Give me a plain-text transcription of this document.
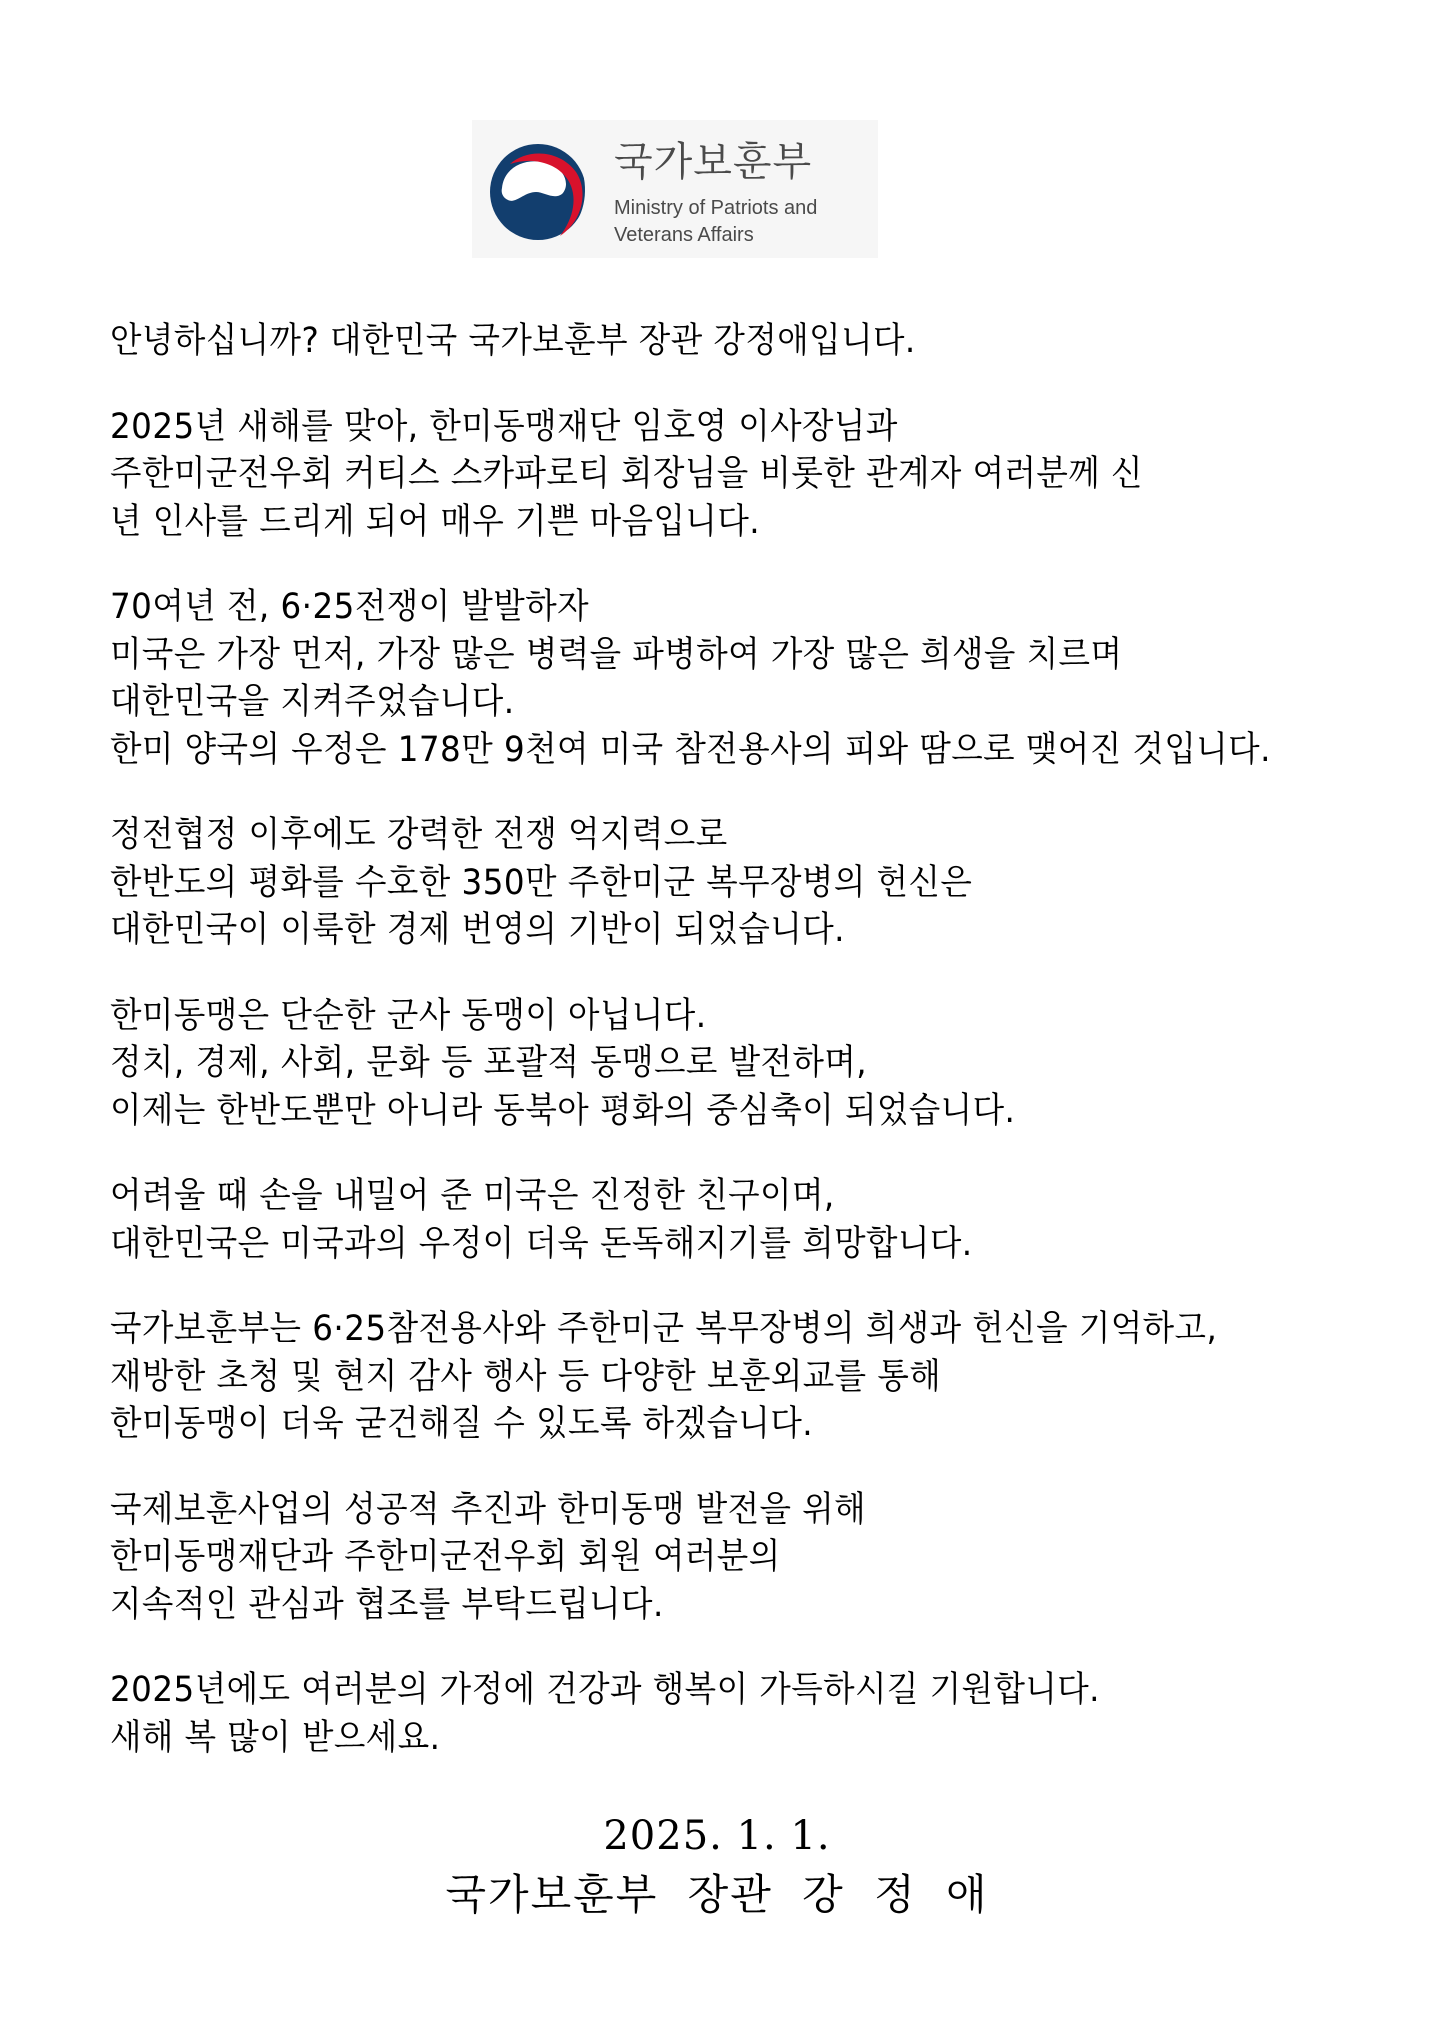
국가보훈부
Ministry of Patriots and
Veterans Affairs

안녕하십니까? 대한민국 국가보훈부 장관 강정애입니다.

2025년 새해를 맞아, 한미동맹재단 임호영 이사장님과
주한미군전우회 커티스 스카파로티 회장님을 비롯한 관계자 여러분께 신
년 인사를 드리게 되어 매우 기쁜 마음입니다.

70여년 전, 6·25전쟁이 발발하자
미국은 가장 먼저, 가장 많은 병력을 파병하여 가장 많은 희생을 치르며
대한민국을 지켜주었습니다.
한미 양국의 우정은 178만 9천여 미국 참전용사의 피와 땀으로 맺어진 것입니다.

정전협정 이후에도 강력한 전쟁 억지력으로
한반도의 평화를 수호한 350만 주한미군 복무장병의 헌신은
대한민국이 이룩한 경제 번영의 기반이 되었습니다.

한미동맹은 단순한 군사 동맹이 아닙니다.
정치, 경제, 사회, 문화 등 포괄적 동맹으로 발전하며,
이제는 한반도뿐만 아니라 동북아 평화의 중심축이 되었습니다.

어려울 때 손을 내밀어 준 미국은 진정한 친구이며,
대한민국은 미국과의 우정이 더욱 돈독해지기를 희망합니다.

국가보훈부는 6·25참전용사와 주한미군 복무장병의 희생과 헌신을 기억하고,
재방한 초청 및 현지 감사 행사 등 다양한 보훈외교를 통해
한미동맹이 더욱 굳건해질 수 있도록 하겠습니다.

국제보훈사업의 성공적 추진과 한미동맹 발전을 위해
한미동맹재단과 주한미군전우회 회원 여러분의
지속적인 관심과 협조를 부탁드립니다.

2025년에도 여러분의 가정에 건강과 행복이 가득하시길 기원합니다.
새해 복 많이 받으세요.

2025. 1. 1.
국가보훈부 장관 강 정 애
